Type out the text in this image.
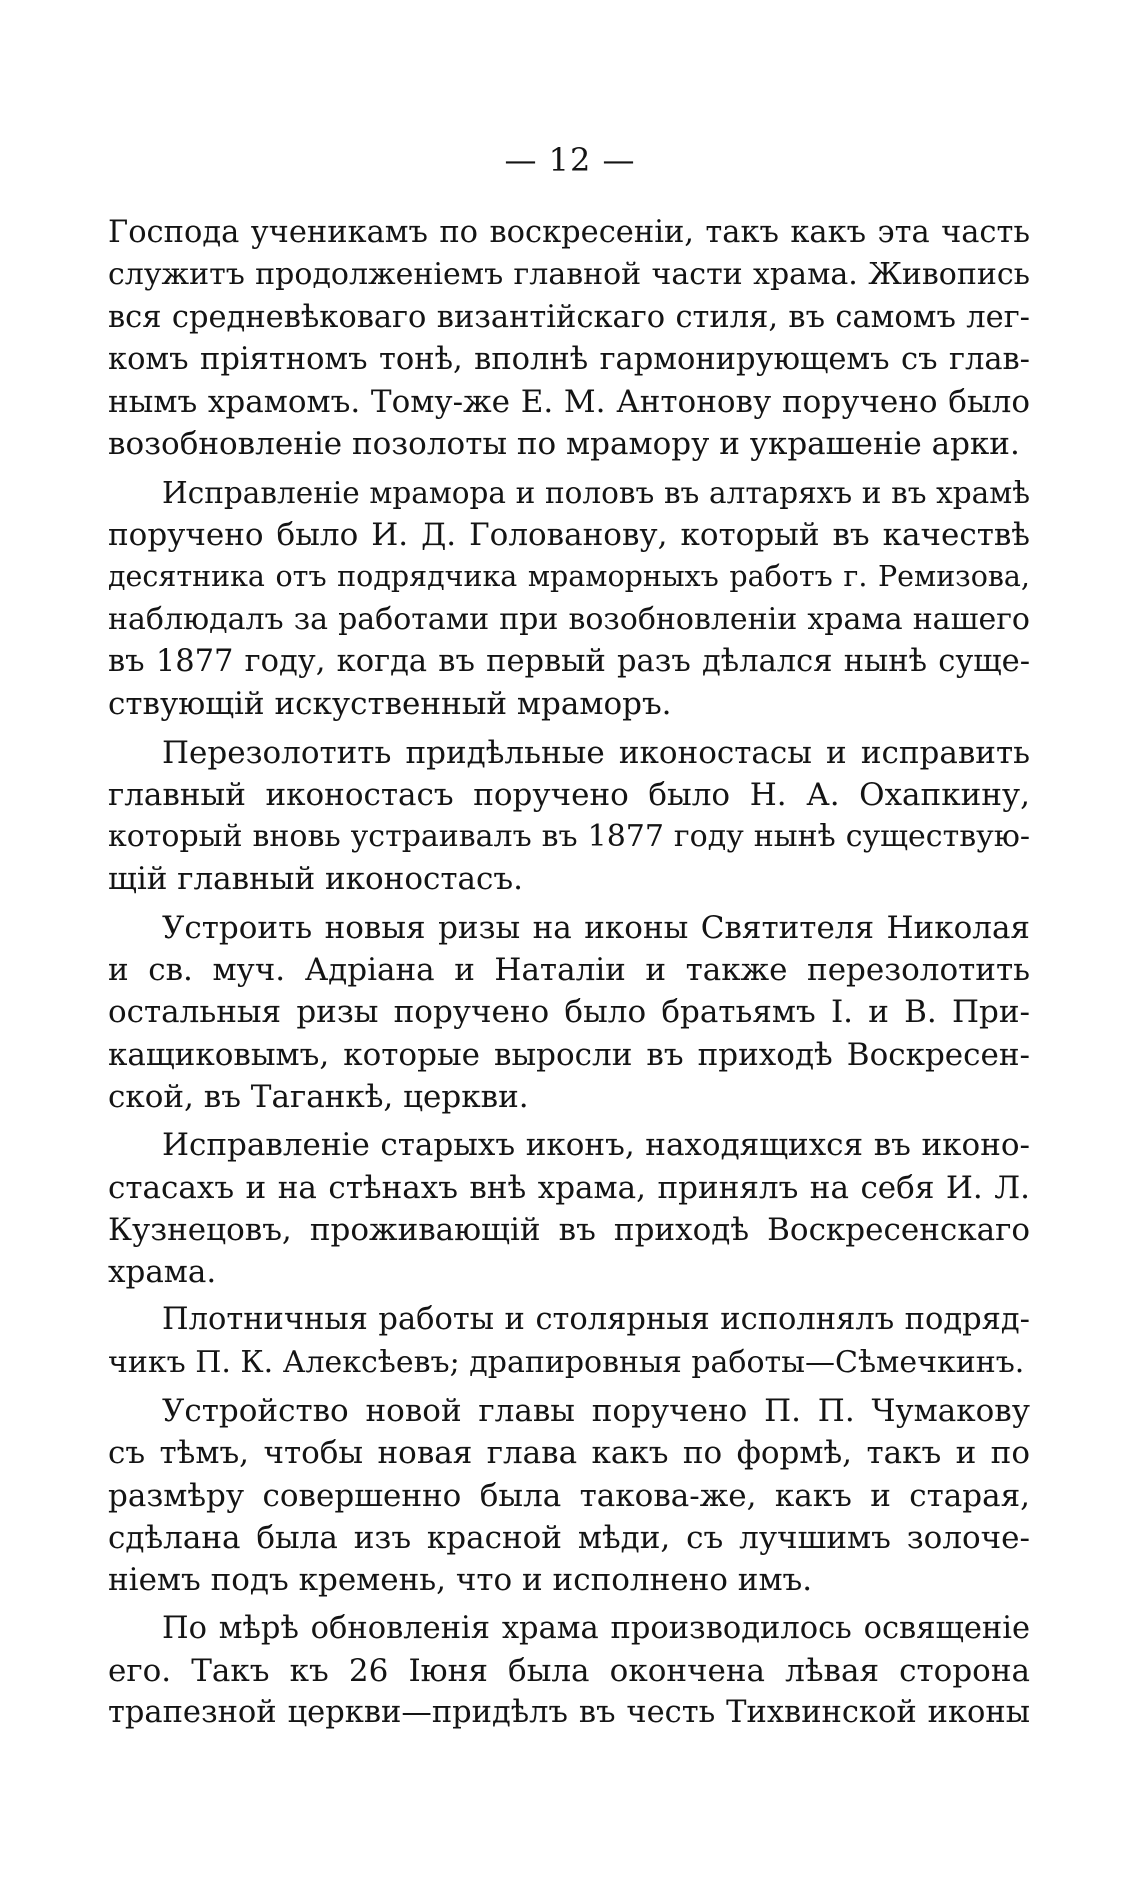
— 12 —
Господа ученикамъ по воскресенiи, такъ какъ эта часть
служитъ продолженiемъ главной части храма. Живопись
вся средневѣковаго византiйскаго стиля, въ самомъ лег-
комъ прiятномъ тонѣ, вполнѣ гармонирующемъ съ глав-
нымъ храмомъ. Тому-же Е. М. Антонову поручено было
возобновленiе позолоты по мрамору и украшенiе арки.
Исправленiе мрамора и половъ въ алтаряхъ и въ храмѣ
поручено было И. Д. Голованову, который въ качествѣ
десятника отъ подрядчика мраморныхъ работъ г. Ремизова,
наблюдалъ за работами при возобновленiи храма нашего
въ 1877 году, когда въ первый разъ дѣлался нынѣ суще-
ствующiй искуственный мраморъ.
Перезолотить придѣльные иконостасы и исправить
главный иконостасъ поручено было Н. А. Охапкину,
который вновь устраивалъ въ 1877 году нынѣ существую-
щiй главный иконостасъ.
Устроить новыя ризы на иконы Святителя Николая
и св. муч. Адрiана и Наталiи и также перезолотить
остальныя ризы поручено было братьямъ I. и В. При-
кащиковымъ, которые выросли въ приходѣ Воскресен-
ской, въ Таганкѣ, церкви.
Исправленiе старыхъ иконъ, находящихся въ иконо-
стасахъ и на стѣнахъ внѣ храма, принялъ на себя И. Л.
Кузнецовъ, проживающiй въ приходѣ Воскресенскаго
храма.
Плотничныя работы и столярныя исполнялъ подряд-
чикъ П. К. Алексѣевъ; драпировныя работы—Сѣмечкинъ.
Устройство новой главы поручено П. П. Чумакову
съ тѣмъ, чтобы новая глава какъ по формѣ, такъ и по
размѣру совершенно была такова-же, какъ и старая,
сдѣлана была изъ красной мѣди, съ лучшимъ золоче-
нiемъ подъ кремень, что и исполнено имъ.
По мѣрѣ обновленiя храма производилось освященiе
его. Такъ къ 26 Iюня была окончена лѣвая сторона
трапезной церкви—придѣлъ въ честь Тихвинской иконы
